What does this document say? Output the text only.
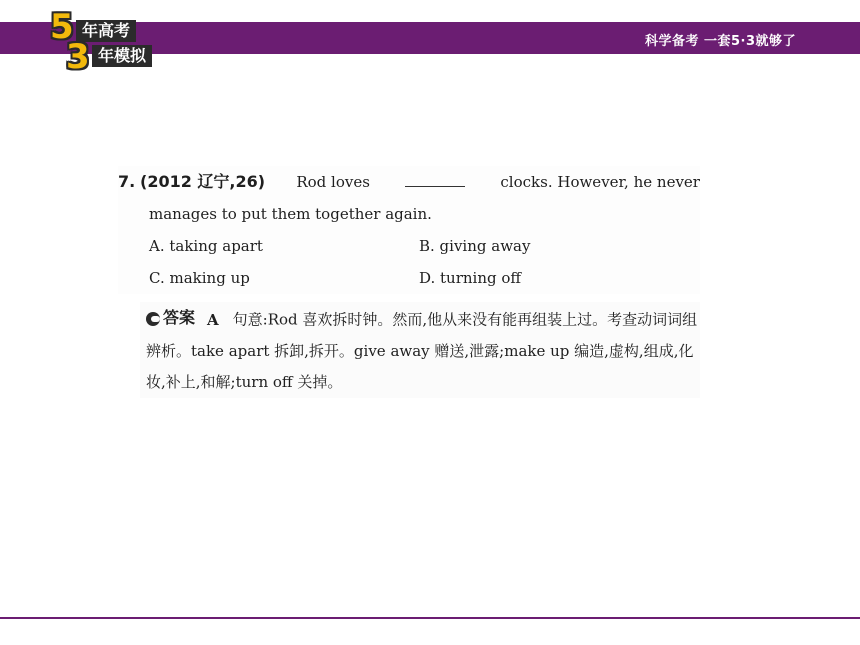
科学备考 一套5·3就够了
年高考
年模拟
5
3
7. (2012 辽宁,26) Rod loves	clocks. However, he never
manages to put them together again.
A. taking apart	B. giving away
C. making up	D. turning off
答案 A 句意:Rod 喜欢拆时钟。然而,他从来没有能再组装上过。考查动词词组辨析。take apart 拆卸,拆开。give away 赠送,泄露;make up 编造,虚构,组成,化妆,补上,和解;turn off 关掉。
